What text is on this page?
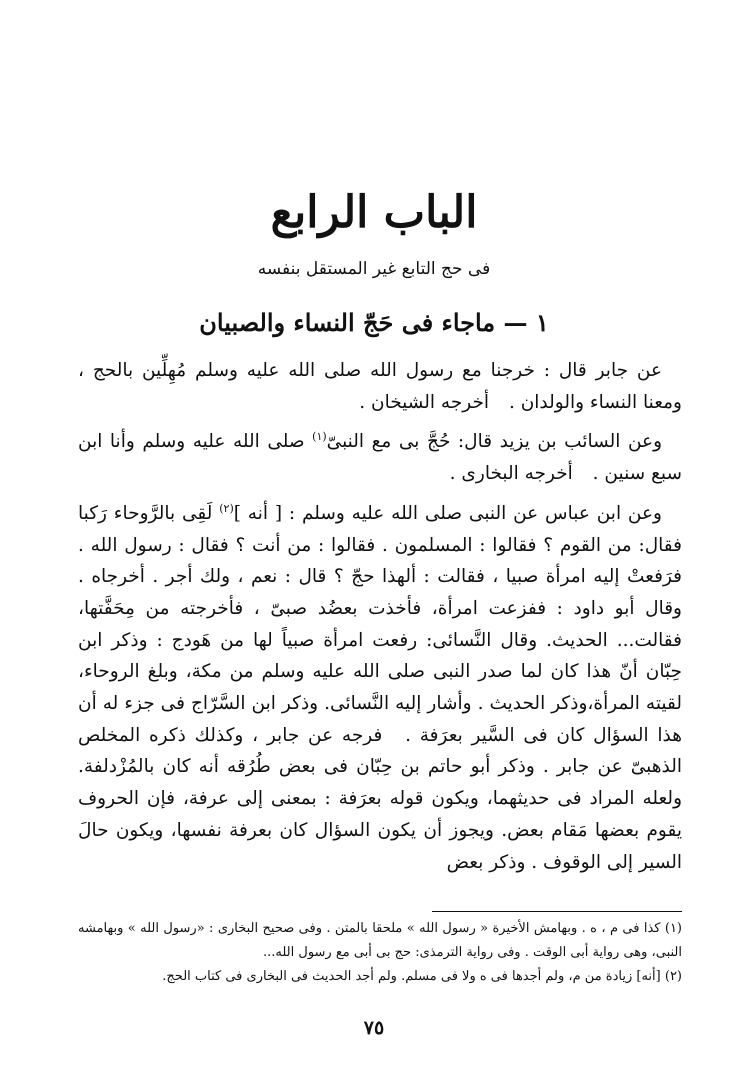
الباب الرابع
فى حج التابع غير المستقل بنفسه
١ — ماجاء فى حَجّ النساء والصبيان

عن جابر قال : خرجنا مع رسول الله صلى الله عليه وسلم مُهِلِّين بالحج ، ومعنا النساء والولدان . أخرجه الشيخان .

وعن السائب بن يزيد قال: حُجَّ بى مع النبىّ$^{(١)}$ صلى الله عليه وسلم وأنا ابن سبع سنين . أخرجه البخارى .

وعن ابن عباس عن النبى صلى الله عليه وسلم : [ أنه ]$^{(٢)}$ لَقِى بالرَّوحاء رَكبا فقال: من القوم ؟ فقالوا : المسلمون . فقالوا : من أنت ؟ فقال : رسول الله . فرَفعتْ إليه امرأة صبيا ، فقالت : ألهذا حجّ ؟ قال : نعم ، ولك أجر . أخرجاه . وقال أبو داود : ففزعت امرأة، فأخذت بعضُد صبىّ ، فأخرجته من مِحَفَّتها، فقالت... الحديث. وقال النَّسائى: رفعت امرأة صبياً لها من هَودج : وذكر ابن حِبّان أنّ هذا كان لما صدر النبى صلى الله عليه وسلم من مكة، وبلغ الروحاء، لقيته المرأة،وذكر الحديث . وأشار إليه النَّسائى. وذكر ابن السَّرّاج فى جزء له أن هذا السؤال كان فى السَّير بعرَفة . فرجه عن جابر ، وكذلك ذكره المخلص الذهبىّ عن جابر . وذكر أبو حاتم بن حِبّان فى بعض طُرُقه أنه كان بالمُزْدلفة. ولعله المراد فى حديثهما، ويكون قوله بعرَفة : بمعنى إلى عرفة، فإن الحروف يقوم بعضها مَقام بعض. ويجوز أن يكون السؤال كان بعرفة نفسها، ويكون حالَ السير إلى الوقوف . وذكر بعض

(١) كذا فى م ، ه . وبهامش الأخيرة « رسول الله » ملحقا بالمتن . وفى صحيح البخارى : «رسول الله » وبهامشه النبى، وهى رواية أبى الوقت . وفى رواية الترمذى: حج بى أبى مع رسول الله...

(٢) [أنه] زيادة من م، ولم أجدها فى ه ولا فى مسلم. ولم أجد الحديث فى البخارى فى كتاب الحج.

٧٥
